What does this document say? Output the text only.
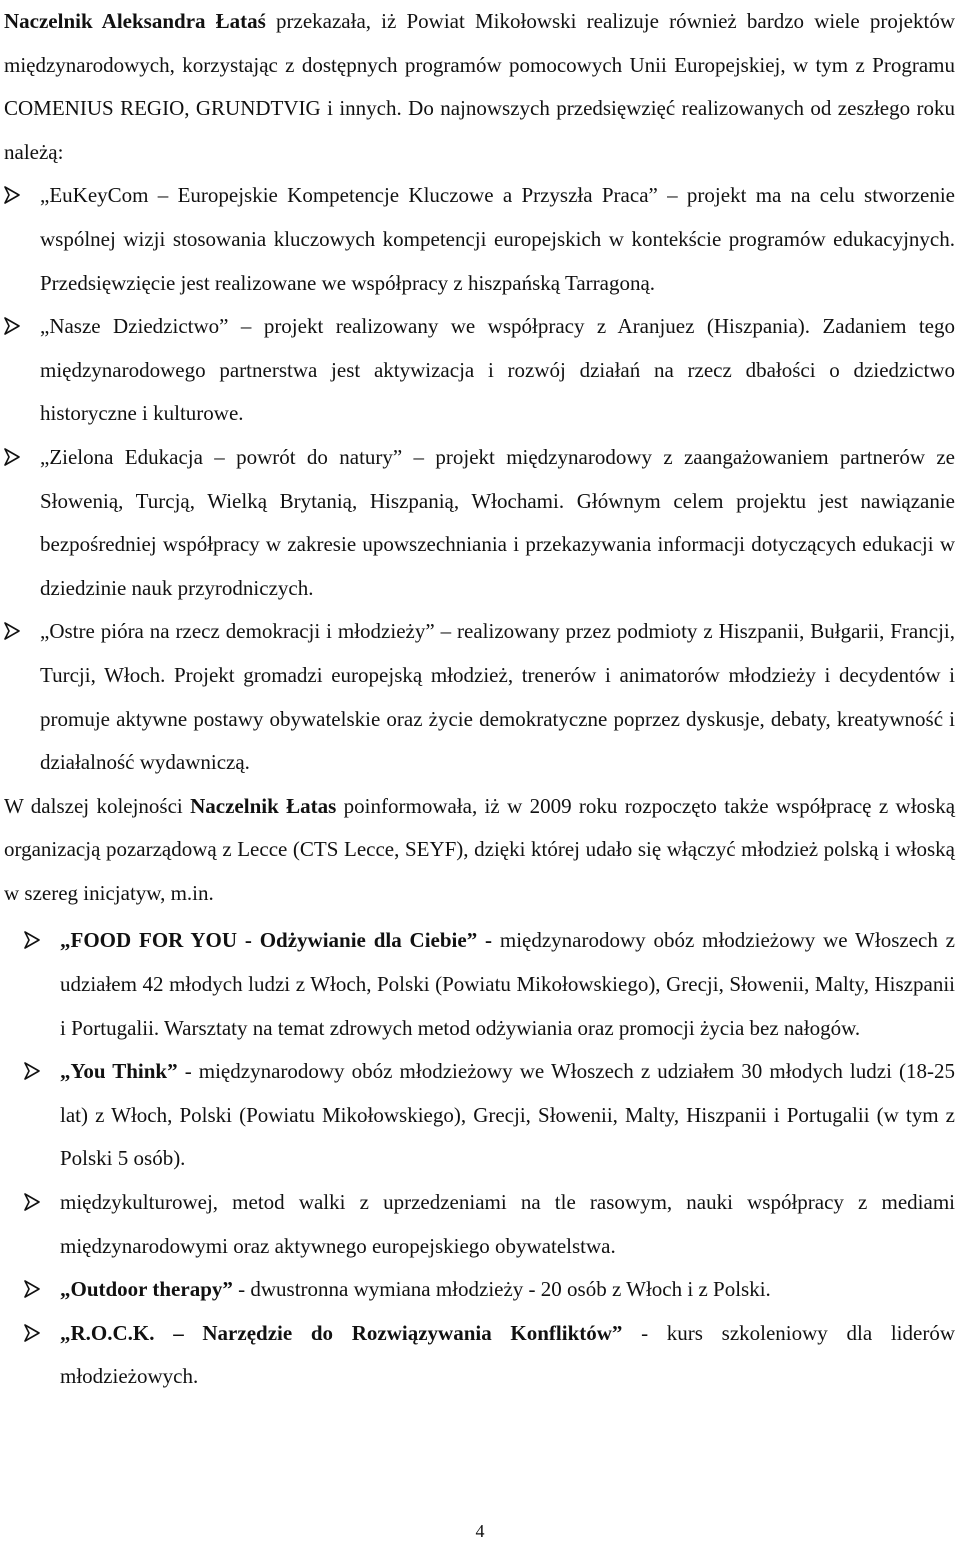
Naczelnik Aleksandra Łataś przekazała, iż Powiat Mikołowski realizuje również bardzo wiele projektów międzynarodowych, korzystając z dostępnych programów pomocowych Unii Europejskiej, w tym z Programu COMENIUS REGIO, GRUNDTVIG i innych. Do najnowszych przedsięwzięć realizowanych od zeszłego roku należą:

„EuKeyCom – Europejskie Kompetencje Kluczowe a Przyszła Praca” – projekt ma na celu stworzenie wspólnej wizji stosowania kluczowych kompetencji europejskich w kontekście programów edukacyjnych. Przedsięwzięcie jest realizowane we współpracy z hiszpańską Tarragoną.

„Nasze Dziedzictwo” – projekt realizowany we współpracy z Aranjuez (Hiszpania). Zadaniem tego międzynarodowego partnerstwa jest aktywizacja i rozwój działań na rzecz dbałości o dziedzictwo historyczne i kulturowe.

„Zielona Edukacja – powrót do natury” – projekt międzynarodowy z zaangażowaniem partnerów ze Słowenią, Turcją, Wielką Brytanią, Hiszpanią, Włochami. Głównym celem projektu jest nawiązanie bezpośredniej współpracy w zakresie upowszechniania i przekazywania informacji dotyczących edukacji w dziedzinie nauk przyrodniczych.

„Ostre pióra na rzecz demokracji i młodzieży” – realizowany przez podmioty z Hiszpanii, Bułgarii, Francji, Turcji, Włoch. Projekt gromadzi europejską młodzież, trenerów i animatorów młodzieży i decydentów i promuje aktywne postawy obywatelskie oraz życie demokratyczne poprzez dyskusje, debaty, kreatywność i działalność wydawniczą.

W dalszej kolejności Naczelnik Łatas poinformowała, iż w 2009 roku rozpoczęto także współpracę z włoską organizacją pozarządową z Lecce (CTS Lecce, SEYF), dzięki której udało się włączyć młodzież polską i włoską w szereg inicjatyw, m.in.

„FOOD FOR YOU - Odżywianie dla Ciebie” - międzynarodowy obóz młodzieżowy we Włoszech z udziałem 42 młodych ludzi z Włoch, Polski (Powiatu Mikołowskiego), Grecji, Słowenii, Malty, Hiszpanii i Portugalii. Warsztaty na temat zdrowych metod odżywiania oraz promocji życia bez nałogów.

„You Think” - międzynarodowy obóz młodzieżowy we Włoszech z udziałem 30 młodych ludzi (18-25 lat) z Włoch, Polski (Powiatu Mikołowskiego), Grecji, Słowenii, Malty, Hiszpanii i Portugalii (w tym z Polski 5 osób).

międzykulturowej, metod walki z uprzedzeniami na tle rasowym, nauki współpracy z mediami międzynarodowymi oraz aktywnego europejskiego obywatelstwa.

„Outdoor therapy” - dwustronna wymiana młodzieży - 20 osób z Włoch i z Polski.

„R.O.C.K. – Narzędzie do Rozwiązywania Konfliktów” - kurs szkoleniowy dla liderów młodzieżowych.

4
